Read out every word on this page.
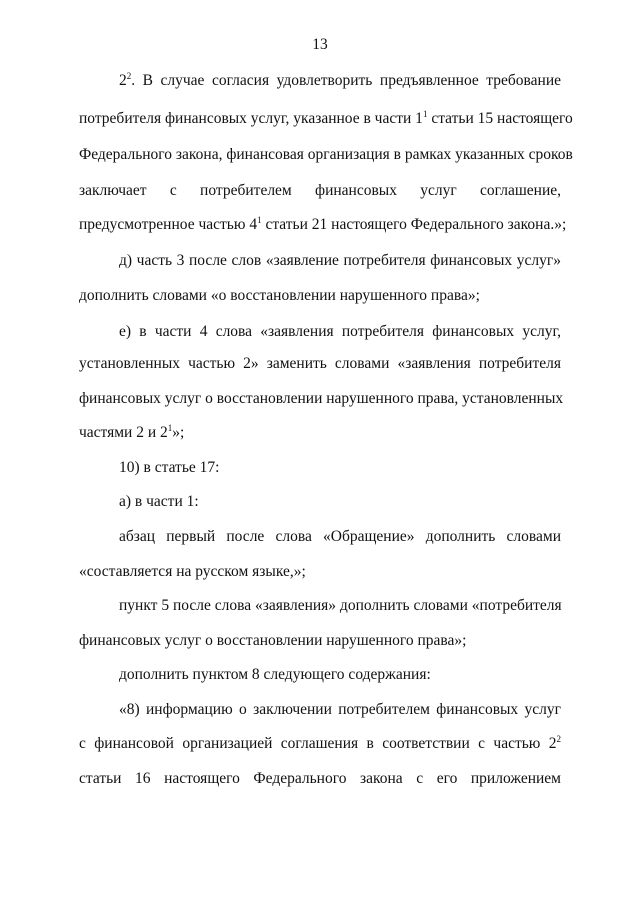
13
$2^2$. В случае согласия удовлетворить предъявленное требование
потребителя финансовых услуг, указанное в части $1^1$ статьи 15 настоящего
Федерального закона, финансовая организация в рамках указанных сроков
заключает с потребителем финансовых услуг соглашение,
предусмотренное частью $4^1$ статьи 21 настоящего Федерального закона.»;
д) часть 3 после слов «заявление потребителя финансовых услуг»
дополнить словами «о восстановлении нарушенного права»;
е) в части 4 слова «заявления потребителя финансовых услуг,
установленных частью 2» заменить словами «заявления потребителя
финансовых услуг о восстановлении нарушенного права, установленных
частями 2 и $2^1$»;
10) в статье 17:
а) в части 1:
абзац первый после слова «Обращение» дополнить словами
«составляется на русском языке,»;
пункт 5 после слова «заявления» дополнить словами «потребителя
финансовых услуг о восстановлении нарушенного права»;
дополнить пунктом 8 следующего содержания:
«8) информацию о заключении потребителем финансовых услуг
с финансовой организацией соглашения в соответствии с частью $2^2$
статьи 16 настоящего Федерального закона с его приложением
